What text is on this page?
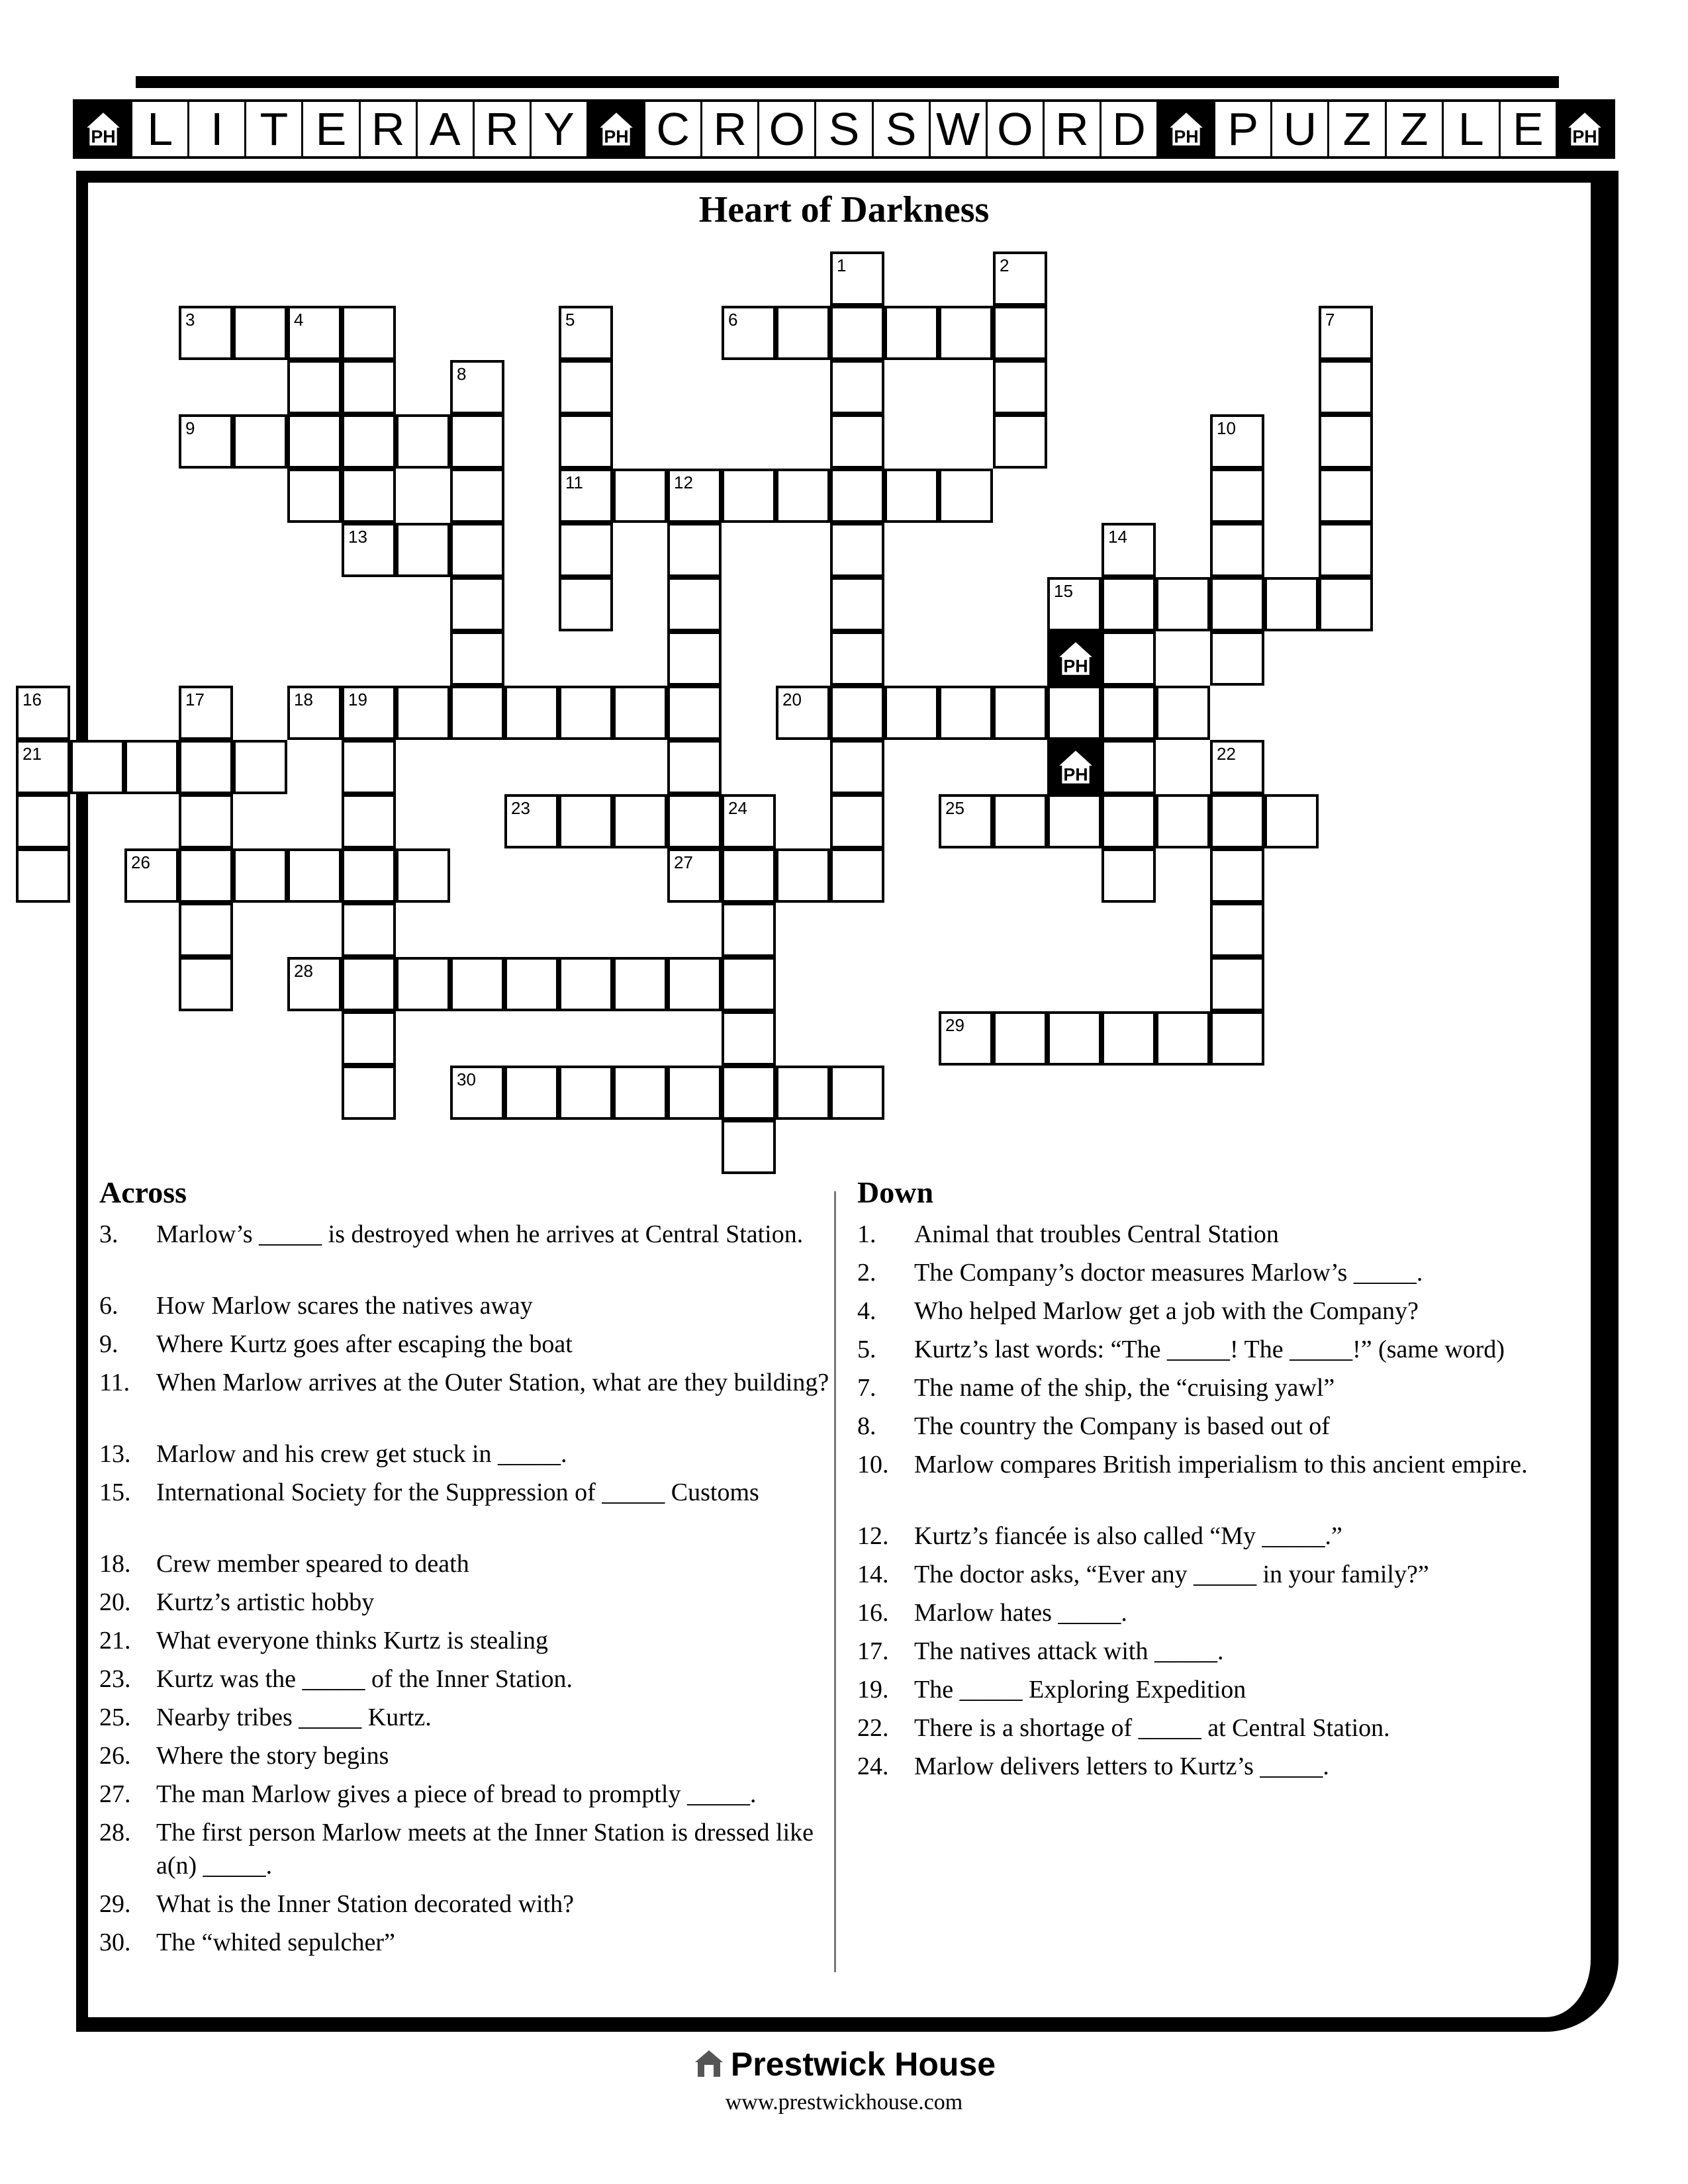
PH L I T E R A R Y	PH C R O S S W O R D	PH P U Z Z L E	PH
Heart of Darkness
1	2
3	4	5	6	7
8
9	10
11	12
13	14
15
16	17	18 19	20
21	22
23	24	25
26	27
28
29
30
PH
PH
Across	Down
3. Marlow’s _____ is destroyed when he arrives at Central Station.
6. How Marlow scares the natives away
9. Where Kurtz goes after escaping the boat
11. When Marlow arrives at the Outer Station, what are they building?
13. Marlow and his crew get stuck in _____.
15. International Society for the Suppression of _____ Customs
18. Crew member speared to death
20. Kurtz’s artistic hobby
21. What everyone thinks Kurtz is stealing
23. Kurtz was the _____ of the Inner Station.
25. Nearby tribes _____ Kurtz.
26. Where the story begins
27. The man Marlow gives a piece of bread to promptly _____.
28. The first person Marlow meets at the Inner Station is dressed like a(n) _____.
29. What is the Inner Station decorated with?
30. The “whited sepulcher”
1. Animal that troubles Central Station
2. The Company’s doctor measures Marlow’s _____.
4. Who helped Marlow get a job with the Company?
5. Kurtz’s last words: “The _____! The _____!” (same word)
7. The name of the ship, the “cruising yawl”
8. The country the Company is based out of
10. Marlow compares British imperialism to this ancient empire.
12. Kurtz’s fiancée is also called “My _____.”
14. The doctor asks, “Ever any _____ in your family?”
16. Marlow hates _____.
17. The natives attack with _____.
19. The _____ Exploring Expedition
22. There is a shortage of _____ at Central Station.
24. Marlow delivers letters to Kurtz’s _____.
Prestwick House
www.prestwickhouse.com
